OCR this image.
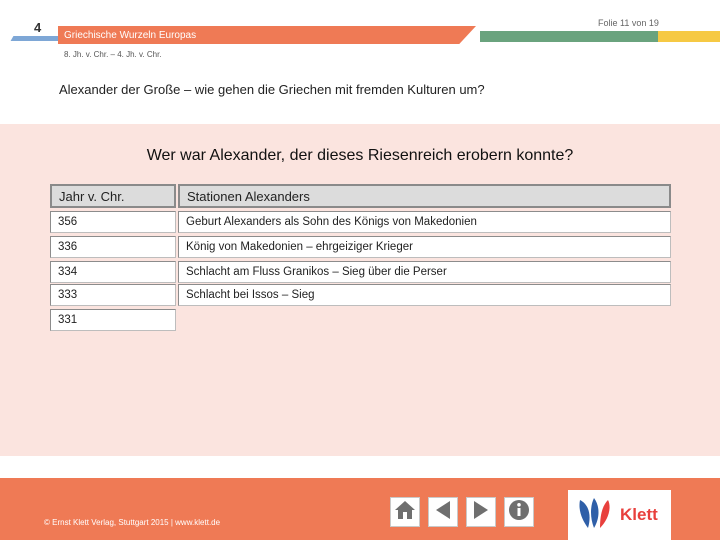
4
Griechische Wurzeln Europas
Folie 11 von 19
8. Jh. v. Chr. – 4. Jh. v. Chr.
Alexander der Große – wie gehen die Griechen mit fremden Kulturen um?
Wer war Alexander, der dieses Riesenreich erobern konnte?
Jahr v. Chr.	Stationen Alexanders
356	Geburt Alexanders als Sohn des Königs von Makedonien
336	König von Makedonien – ehrgeiziger Krieger
334	Schlacht am Fluss Granikos – Sieg über die Perser
333	Schlacht bei Issos – Sieg
331
© Ernst Klett Verlag, Stuttgart 2015 | www.klett.de	Klett
